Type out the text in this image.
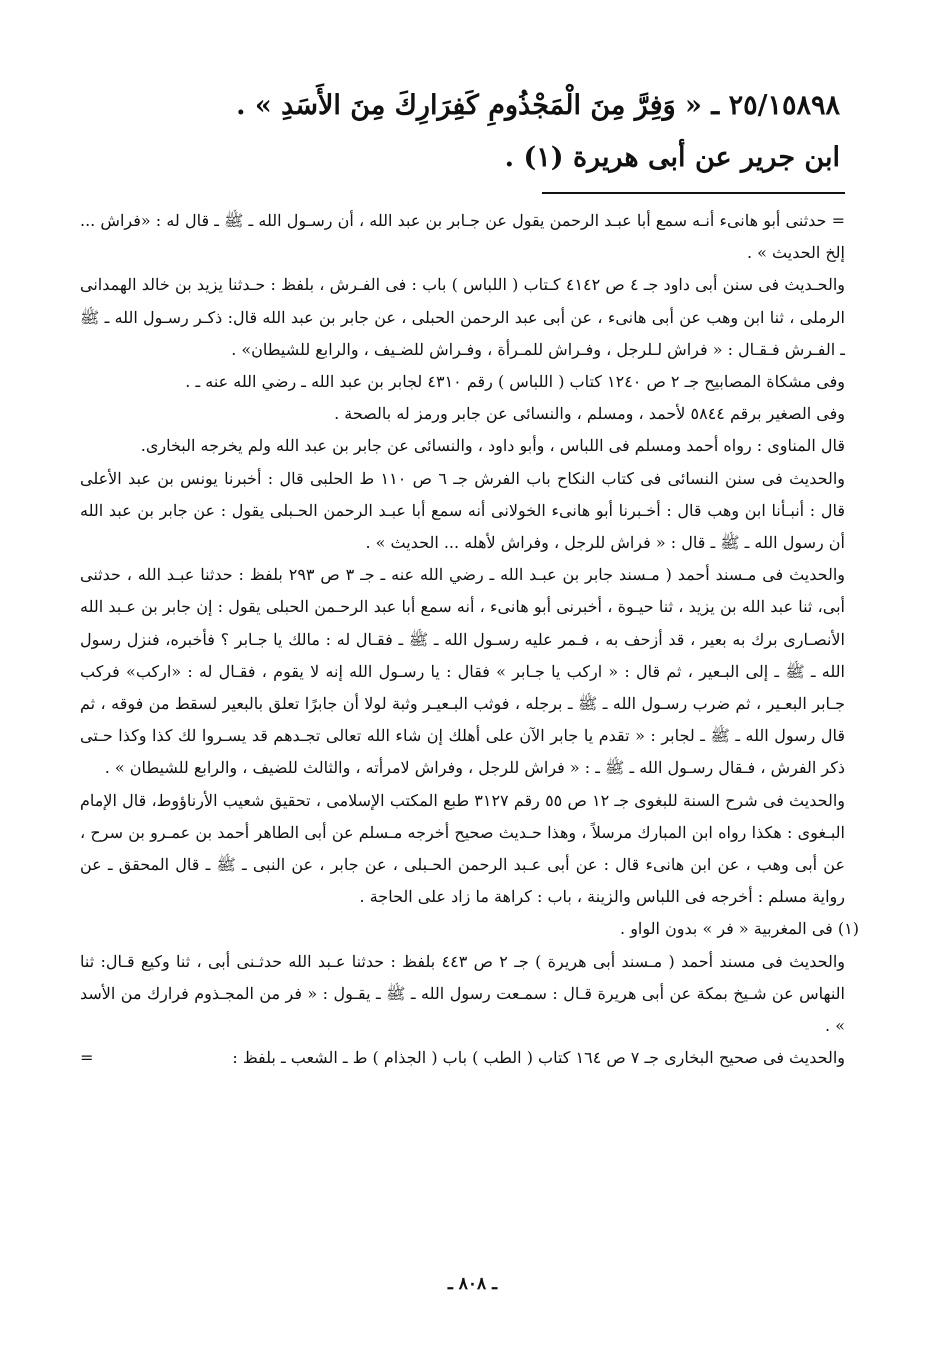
٢٥/١٥٨٩٨ ـ « وَفِرَّ مِنَ الْمَجْذُومِ كَفِرَارِكَ مِنَ الأَسَدِ » .
ابن جرير عن أبى هريرة (١) .

= حدثنى أبو هانىء أنـه سمع أبا عبـد الرحمن يقول عن جـابر بن عبد الله ، أن رسـول الله ـ ﷺ ـ قال له : «فراش ... إلخ الحديث » .

والحـديث فى سنن أبى داود جـ ٤ ص ٤١٤٢ كـتاب ( اللباس ) باب : فى الفـرش ، بلفظ : حـدثنا يزيد بن خالد الهمدانى الرملى ، ثنا ابن وهب عن أبى هانىء ، عن أبى عبد الرحمن الحبلى ، عن جابر بن عبد الله قال: ذكـر رسـول الله ـ ﷺ ـ الفـرش فـقـال : « فراش لـلرجل ، وفـراش للمـرأة ، وفـراش للضـيف ، والرابع للشيطان» .

وفى مشكاة المصابيح جـ ٢ ص ١٢٤٠ كتاب ( اللباس ) رقم ٤٣١٠ لجابر بن عبد الله ـ رضي الله عنه ـ .

وفى الصغير برقم ٥٨٤٤ لأحمد ، ومسلم ، والنسائى عن جابر ورمز له بالصحة .

قال المناوى : رواه أحمد ومسلم فى اللباس ، وأبو داود ، والنسائى عن جابر بن عبد الله ولم يخرجه البخارى.

والحديث فى سنن النسائى فى كتاب النكاح باب الفرش جـ ٦ ص ١١٠ ط الحلبى قال : أخبرنا يونس بن عبد الأعلى قال : أنبـأنا ابن وهب قال : أخـبرنا أبو هانىء الخولانى أنه سمع أبا عبـد الرحمن الحـبلى يقول : عن جابر بن عبد الله أن رسول الله ـ ﷺ ـ قال : « فراش للرجل ، وفراش لأهله ... الحديث » .

والحديث فى مـسند أحمد ( مـسند جابر بن عبـد الله ـ رضي الله عنه ـ جـ ٣ ص ٢٩٣ بلفظ : حدثنا عبـد الله ، حدثنى أبى، ثنا عبد الله بن يزيد ، ثنا حيـوة ، أخبرنى أبو هانىء ، أنه سمع أبا عبد الرحـمن الحبلى يقول : إن جابر بن عـبد الله الأنصـارى برك به بعير ، قد أزحف به ، فـمر عليه رسـول الله ـ ﷺ ـ فقـال له : مالك يا جـابر ؟ فأخبره، فنزل رسول الله ـ ﷺ ـ إلى البـعير ، ثم قال : « اركب يا جـابر » فقال : يا رسـول الله إنه لا يقوم ، فقـال له : «اركب» فركب جـابر البعـير ، ثم ضرب رسـول الله ـ ﷺ ـ برجله ، فوثب البـعيـر وثبة لولا أن جابرًا تعلق بالبعير لسقط من فوقه ، ثم قال رسول الله ـ ﷺ ـ لجابر : « تقدم يا جابر الآن على أهلك إن شاء الله تعالى تجـدهم قد يسـروا لك كذا وكذا حـتى ذكر الفرش ، فـقال رسـول الله ـ ﷺ ـ : « فراش للرجل ، وفراش لامرأته ، والثالث للضيف ، والرابع للشيطان » .

والحديث فى شرح السنة للبغوى جـ ١٢ ص ٥٥ رقم ٣١٢٧ طبع المكتب الإسلامى ، تحقيق شعيب الأرناؤوط، قال الإمام البـغوى : هكذا رواه ابن المبارك مرسلاً ، وهذا حـديث صحيح أخرجه مـسلم عن أبى الطاهر أحمد بن عمـرو بن سرح ، عن أبى وهب ، عن ابن هانىء قال : عن أبى عـبد الرحمن الحـبلى ، عن جابر ، عن النبى ـ ﷺ ـ قال المحقق ـ عن رواية مسلم : أخرجه فى اللباس والزينة ، باب : كراهة ما زاد على الحاجة .

(١) فى المغربية « فر » بدون الواو .

والحديث فى مسند أحمد ( مـسند أبى هريرة ) جـ ٢ ص ٤٤٣ بلفظ : حدثنا عـبد الله حدثـنى أبى ، ثنا وكيع قـال: ثنا النهاس عن شـيخ بمكة عن أبى هريرة قـال : سمـعت رسول الله ـ ﷺ ـ يقـول : « فر من المجـذوم فرارك من الأسد » .

والحديث فى صحيح البخارى جـ ٧ ص ١٦٤ كتاب ( الطب ) باب ( الجذام ) ط ـ الشعب ـ بلفظ :
=

ـ ٨٠٨ ـ
